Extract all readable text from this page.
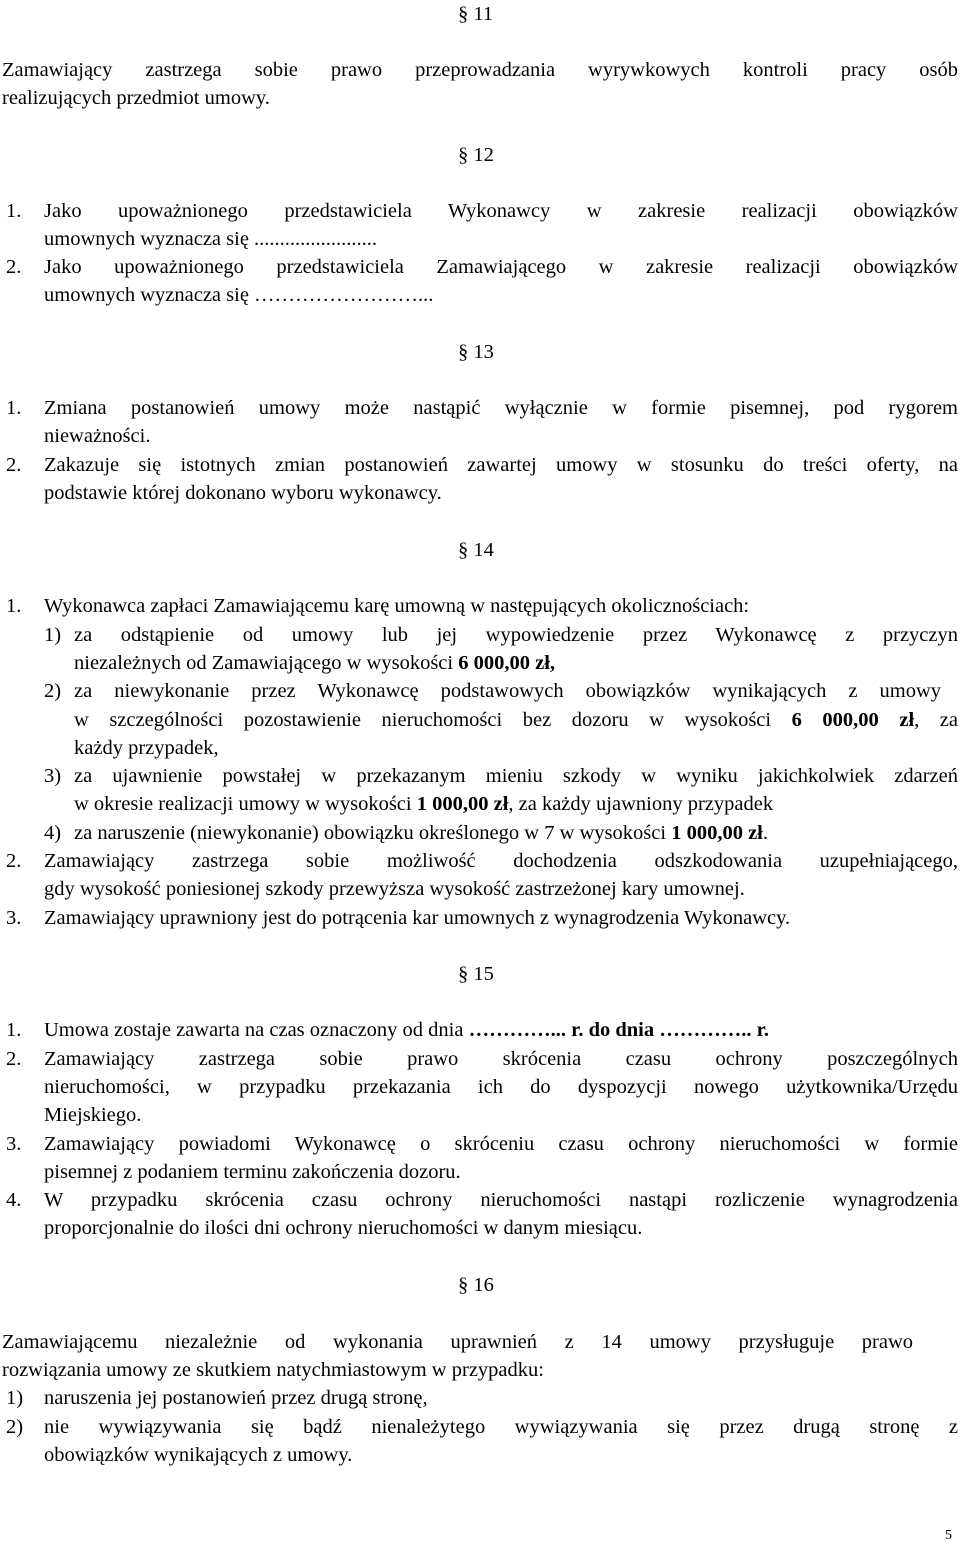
§ 11
Zamawiający zastrzega sobie prawo przeprowadzania wyrywkowych kontroli pracy osób
realizujących przedmiot umowy.
§ 12
1. Jako upoważnionego przedstawiciela Wykonawcy w zakresie realizacji obowiązków
umownych wyznacza się ........................
2. Jako upoważnionego przedstawiciela Zamawiającego w zakresie realizacji obowiązków
umownych wyznacza się ……………………...
§ 13
1. Zmiana postanowień umowy może nastąpić wyłącznie w formie pisemnej, pod rygorem
nieważności.
2. Zakazuje się istotnych zmian postanowień zawartej umowy w stosunku do treści oferty, na
podstawie której dokonano wyboru wykonawcy.
§ 14
1. Wykonawca zapłaci Zamawiającemu karę umowną w następujących okolicznościach:
1) za odstąpienie od umowy lub jej wypowiedzenie przez Wykonawcę z przyczyn
niezależnych od Zamawiającego w wysokości 6 000,00 zł,
2) za niewykonanie przez Wykonawcę podstawowych obowiązków wynikających z umowy
w szczególności pozostawienie nieruchomości bez dozoru w wysokości 6 000,00 zł, za
każdy przypadek,
3) za ujawnienie powstałej w przekazanym mieniu szkody w wyniku jakichkolwiek zdarzeń
w okresie realizacji umowy w wysokości 1 000,00 zł, za każdy ujawniony przypadek
4) za naruszenie (niewykonanie) obowiązku określonego w 7 w wysokości 1 000,00 zł.
2. Zamawiający zastrzega sobie możliwość dochodzenia odszkodowania uzupełniającego,
gdy wysokość poniesionej szkody przewyższa wysokość zastrzeżonej kary umownej.
3. Zamawiający uprawniony jest do potrącenia kar umownych z wynagrodzenia Wykonawcy.
§ 15
1. Umowa zostaje zawarta na czas oznaczony od dnia …………... r. do dnia ………….. r.
2. Zamawiający zastrzega sobie prawo skrócenia czasu ochrony poszczególnych
nieruchomości, w przypadku przekazania ich do dyspozycji nowego użytkownika/Urzędu
Miejskiego.
3. Zamawiający powiadomi Wykonawcę o skróceniu czasu ochrony nieruchomości w formie
pisemnej z podaniem terminu zakończenia dozoru.
4. W przypadku skrócenia czasu ochrony nieruchomości nastąpi rozliczenie wynagrodzenia
proporcjonalnie do ilości dni ochrony nieruchomości w danym miesiącu.
§ 16
Zamawiającemu niezależnie od wykonania uprawnień z 14 umowy przysługuje prawo
rozwiązania umowy ze skutkiem natychmiastowym w przypadku:
1) naruszenia jej postanowień przez drugą stronę,
2) nie wywiązywania się bądź nienależytego wywiązywania się przez drugą stronę z
obowiązków wynikających z umowy.
5
